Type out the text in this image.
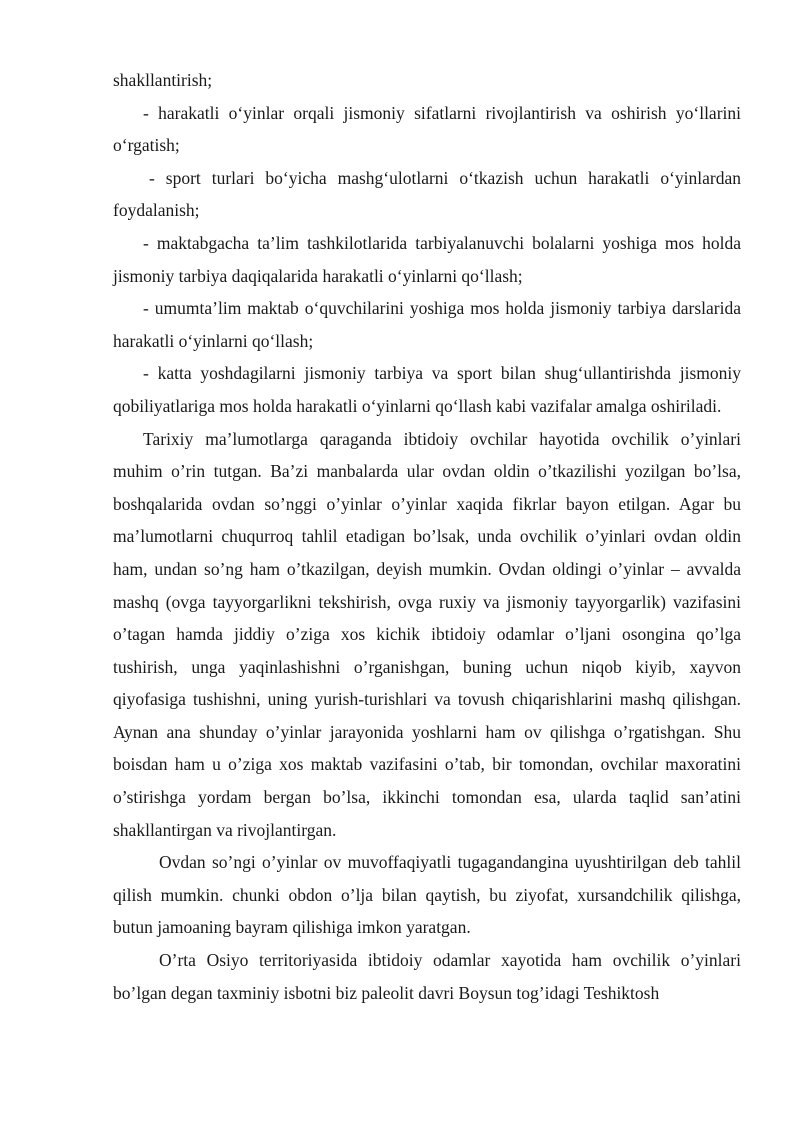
shakllantirish;

- harakatli o‘yinlar orqali jismoniy sifatlarni rivojlantirish va oshirish yo‘llarini o‘rgatish;

- sport turlari bo‘yicha mashg‘ulotlarni o‘tkazish uchun harakatli o‘yinlardan foydalanish;

- maktabgacha ta’lim tashkilotlarida tarbiyalanuvchi bolalarni yoshiga mos holda jismoniy tarbiya daqiqalarida harakatli o‘yinlarni qo‘llash;

- umumta’lim maktab o‘quvchilarini yoshiga mos holda jismoniy tarbiya darslarida harakatli o‘yinlarni qo‘llash;

- katta yoshdagilarni jismoniy tarbiya va sport bilan shug‘ullantirishda jismoniy qobiliyatlariga mos holda harakatli o‘yinlarni qo‘llash kabi vazifalar amalga oshiriladi.

Tarixiy ma’lumotlarga qaraganda ibtidoiy ovchilar hayotida ovchilik o’yinlari muhim o’rin tutgan. Ba’zi manbalarda ular ovdan oldin o’tkazilishi yozilgan bo’lsa, boshqalarida ovdan so’nggi o’yinlar o’yinlar xaqida fikrlar bayon etilgan. Agar bu ma’lumotlarni chuqurroq tahlil etadigan bo’lsak, unda ovchilik o’yinlari ovdan oldin ham, undan so’ng ham o’tkazilgan, deyish mumkin. Ovdan oldingi o’yinlar – avvalda mashq (ovga tayyorgarlikni tekshirish, ovga ruxiy va jismoniy tayyorgarlik) vazifasini o’tagan hamda jiddiy o’ziga xos kichik ibtidoiy odamlar o’ljani osongina qo’lga tushirish, unga yaqinlashishni o’rganishgan, buning uchun niqob kiyib, xayvon qiyofasiga tushishni, uning yurish-turishlari va tovush chiqarishlarini mashq qilishgan. Aynan ana shunday o’yinlar jarayonida yoshlarni ham ov qilishga o’rgatishgan. Shu boisdan ham u o’ziga xos maktab vazifasini o’tab, bir tomondan, ovchilar maxoratini o’stirishga yordam bergan bo’lsa, ikkinchi tomondan esa, ularda taqlid san’atini shakllantirgan va rivojlantirgan.

Ovdan so’ngi o’yinlar ov muvoffaqiyatli tugagandangina uyushtirilgan deb tahlil qilish mumkin. chunki obdon o’lja bilan qaytish, bu ziyofat, xursandchilik qilishga, butun jamoaning bayram qilishiga imkon yaratgan.

O’rta Osiyo territoriyasida ibtidoiy odamlar xayotida ham ovchilik o’yinlari bo’lgan degan taxminiy isbotni biz paleolit davri Boysun tog’idagi Teshiktosh
